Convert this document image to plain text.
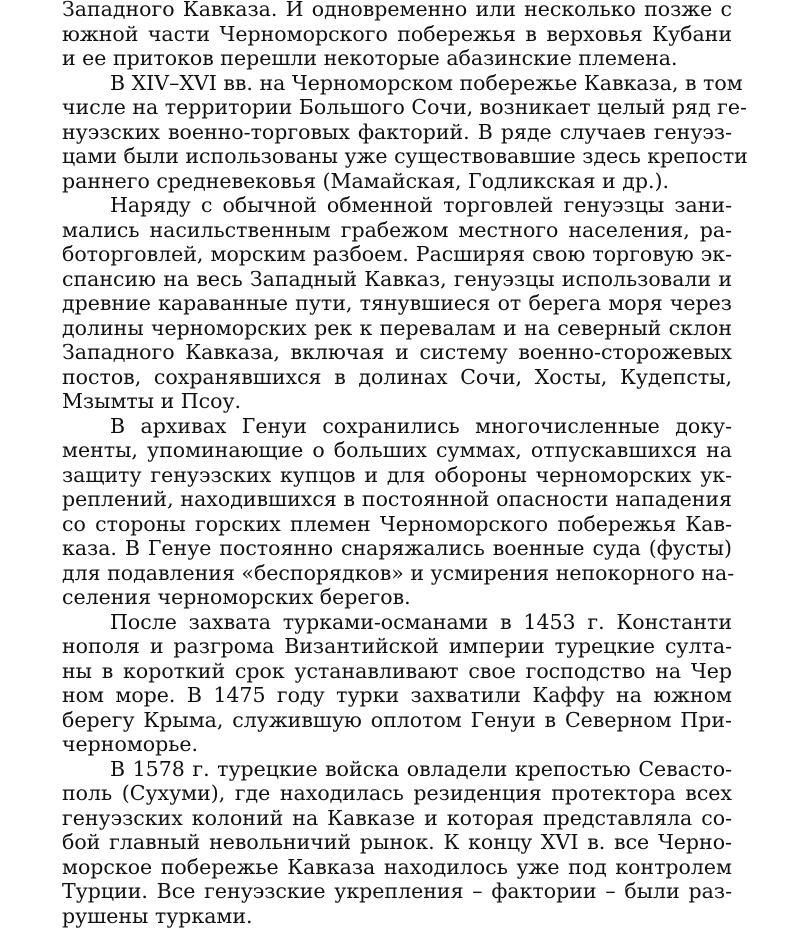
Западного Кавказа. И одновременно или несколько позже с
южной части Черноморского побережья в верховья Кубани
и ее притоков перешли некоторые абазинские племена.

В XIV–XVI вв. на Черноморском побережье Кавказа, в том
числе на территории Большого Сочи, возникает целый ряд ге-
нуэзских военно-торговых факторий. В ряде случаев генуэз-
цами были использованы уже существовавшие здесь крепости
раннего средневековья (Мамайская, Годликская и др.).

Наряду с обычной обменной торговлей генуэзцы зани-
мались насильственным грабежом местного населения, ра-
боторговлей, морским разбоем. Расширяя свою торговую эк-
спансию на весь Западный Кавказ, генуэзцы использовали и
древние караванные пути, тянувшиеся от берега моря через
долины черноморских рек к перевалам и на северный склон
Западного Кавказа, включая и систему военно-сторожевых
постов, сохранявшихся в долинах Сочи, Хосты, Кудепсты,
Мзымты и Псоу.

В архивах Генуи сохранились многочисленные доку-
менты, упоминающие о больших суммах, отпускавшихся на
защиту генуэзских купцов и для обороны черноморских ук-
реплений, находившихся в постоянной опасности нападения
со стороны горских племен Черноморского побережья Кав-
каза. В Генуе постоянно снаряжались военные суда (фусты)
для подавления «беспорядков» и усмирения непокорного на-
селения черноморских берегов.

После захвата турками-османами в 1453 г. Константи
нополя и разгрома Византийской империи турецкие султа-
ны в короткий срок устанавливают свое господство на Чер
ном море. В 1475 году турки захватили Каффу на южном
берегу Крыма, служившую оплотом Генуи в Северном При-
черноморье.

В 1578 г. турецкие войска овладели крепостью Севасто-
поль (Сухуми), где находилась резиденция протектора всех
генуэзских колоний на Кавказе и которая представляла со-
бой главный невольничий рынок. К концу XVI в. все Черно-
морское побережье Кавказа находилось уже под контролем
Турции. Все генуэзские укрепления – фактории – были раз-
рушены турками.
